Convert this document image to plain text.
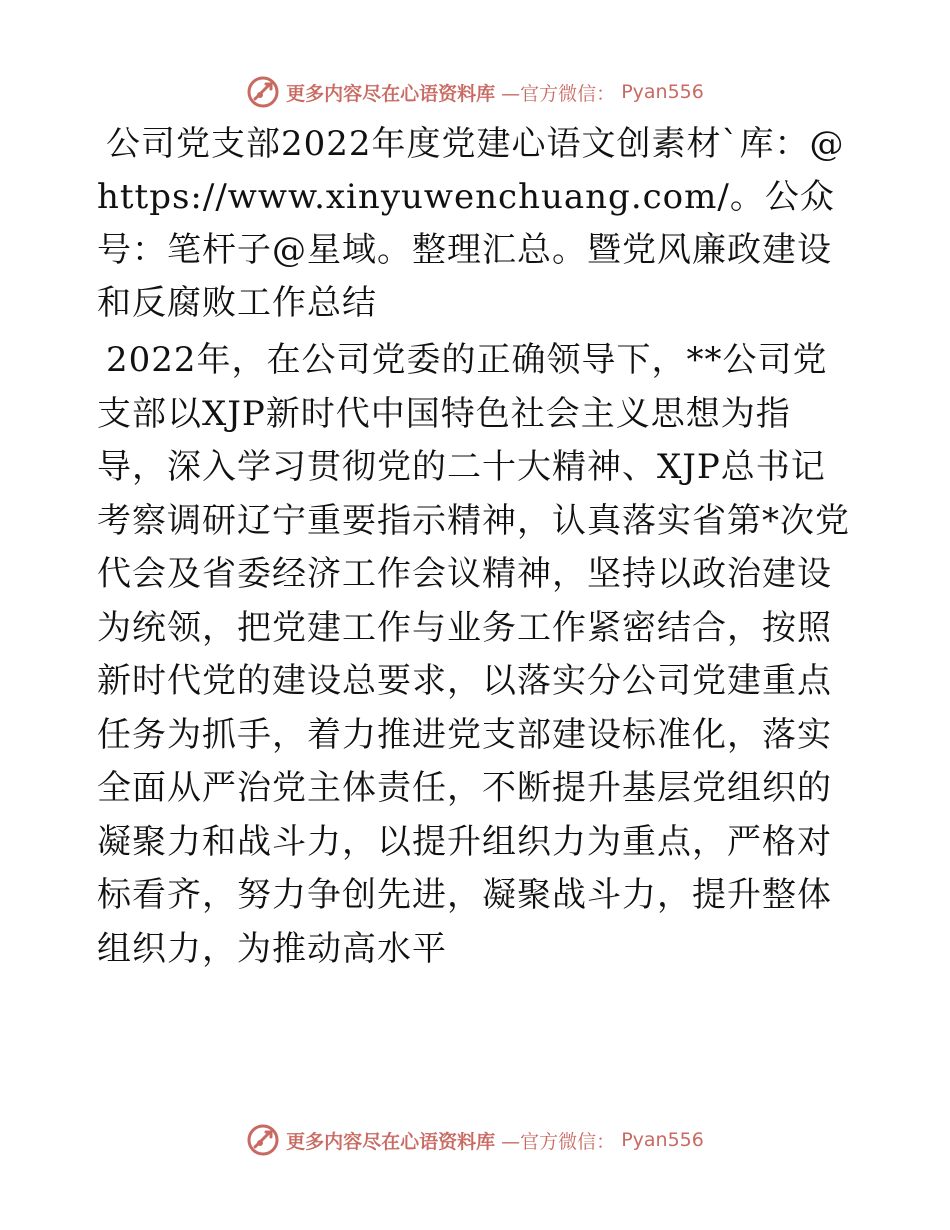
更多内容尽在心语资料库 —官方微信： Pyan556

公司党支部2022年度党建心语文创素材`库：@https://www.xinyuwenchuang.com/。公众号：笔杆子@星域。整理汇总。暨党风廉政建设和反腐败工作总结

2022年，在公司党委的正确领导下，**公司党支部以XJP新时代中国特色社会主义思想为指导，深入学习贯彻党的二十大精神、XJP总书记考察调研辽宁重要指示精神，认真落实省第*次党代会及省委经济工作会议精神，坚持以政治建设为统领，把党建工作与业务工作紧密结合，按照新时代党的建设总要求，以落实分公司党建重点任务为抓手，着力推进党支部建设标准化，落实全面从严治党主体责任，不断提升基层党组织的凝聚力和战斗力，以提升组织力为重点，严格对标看齐，努力争创先进，凝聚战斗力，提升整体组织力，为推动高水平

更多内容尽在心语资料库 —官方微信： Pyan556
